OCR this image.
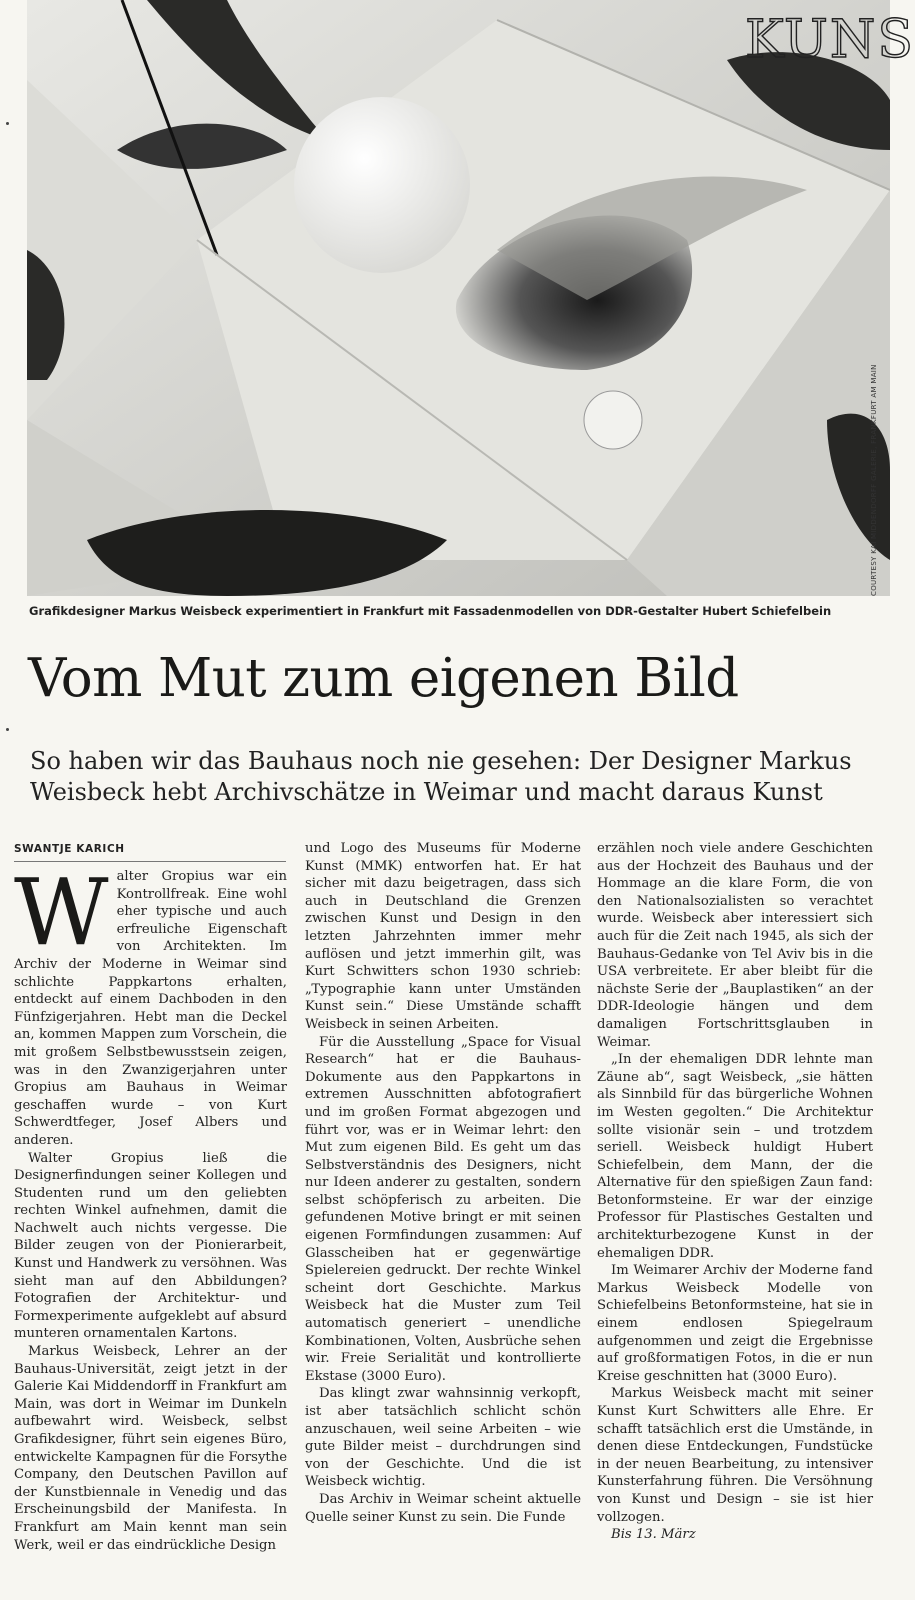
KUNS
COURTESY KAI MIDDENDORFF GALERIE, FRANKFURT AM MAIN
Grafikdesigner Markus Weisbeck experimentiert in Frankfurt mit Fassadenmodellen von DDR-Gestalter Hubert Schiefelbein
Vom Mut zum eigenen Bild
So haben wir das Bauhaus noch nie gesehen: Der Designer Markus Weisbeck hebt Archivschätze in Weimar und macht daraus Kunst
SWANTJE KARICH

Walter Gropius war ein Kontrollfreak. Eine wohl eher typische und auch erfreuliche Eigenschaft von Architekten. Im Archiv der Moderne in Weimar sind schlichte Pappkartons erhalten, entdeckt auf einem Dachboden in den Fünfzigerjahren. Hebt man die Deckel an, kommen Mappen zum Vorschein, die mit großem Selbstbewusstsein zeigen, was in den Zwanzigerjahren unter Gropius am Bauhaus in Weimar geschaffen wurde – von Kurt Schwerdtfeger, Josef Albers und anderen.

Walter Gropius ließ die Designerfindungen seiner Kollegen und Studenten rund um den geliebten rechten Winkel aufnehmen, damit die Nachwelt auch nichts vergesse. Die Bilder zeugen von der Pionierarbeit, Kunst und Handwerk zu versöhnen. Was sieht man auf den Abbildungen? Fotografien der Architektur- und Formexperimente aufgeklebt auf absurd munteren ornamentalen Kartons.

Markus Weisbeck, Lehrer an der Bauhaus-Universität, zeigt jetzt in der Galerie Kai Middendorff in Frankfurt am Main, was dort in Weimar im Dunkeln aufbewahrt wird. Weisbeck, selbst Grafikdesigner, führt sein eigenes Büro, entwickelte Kampagnen für die Forsythe Company, den Deutschen Pavillon auf der Kunstbiennale in Venedig und das Erscheinungsbild der Manifesta. In Frankfurt am Main kennt man sein Werk, weil er das eindrückliche Design

und Logo des Museums für Moderne Kunst (MMK) entworfen hat. Er hat sicher mit dazu beigetragen, dass sich auch in Deutschland die Grenzen zwischen Kunst und Design in den letzten Jahrzehnten immer mehr auflösen und jetzt immerhin gilt, was Kurt Schwitters schon 1930 schrieb: „Typographie kann unter Umständen Kunst sein.“ Diese Umstände schafft Weisbeck in seinen Arbeiten.

Für die Ausstellung „Space for Visual Research“ hat er die Bauhaus-Dokumente aus den Pappkartons in extremen Ausschnitten abfotografiert und im großen Format abgezogen und führt vor, was er in Weimar lehrt: den Mut zum eigenen Bild. Es geht um das Selbstverständnis des Designers, nicht nur Ideen anderer zu gestalten, sondern selbst schöpferisch zu arbeiten. Die gefundenen Motive bringt er mit seinen eigenen Formfindungen zusammen: Auf Glasscheiben hat er gegenwärtige Spielereien gedruckt. Der rechte Winkel scheint dort Geschichte. Markus Weisbeck hat die Muster zum Teil automatisch generiert – unendliche Kombinationen, Volten, Ausbrüche sehen wir. Freie Serialität und kontrollierte Ekstase (3000 Euro).

Das klingt zwar wahnsinnig verkopft, ist aber tatsächlich schlicht schön anzuschauen, weil seine Arbeiten – wie gute Bilder meist – durchdrungen sind von der Geschichte. Und die ist Weisbeck wichtig.

Das Archiv in Weimar scheint aktuelle Quelle seiner Kunst zu sein. Die Funde

erzählen noch viele andere Geschichten aus der Hochzeit des Bauhaus und der Hommage an die klare Form, die von den Nationalsozialisten so verachtet wurde. Weisbeck aber interessiert sich auch für die Zeit nach 1945, als sich der Bauhaus-Gedanke von Tel Aviv bis in die USA verbreitete. Er aber bleibt für die nächste Serie der „Bauplastiken“ an der DDR-Ideologie hängen und dem damaligen Fortschrittsglauben in Weimar.

„In der ehemaligen DDR lehnte man Zäune ab“, sagt Weisbeck, „sie hätten als Sinnbild für das bürgerliche Wohnen im Westen gegolten.“ Die Architektur sollte visionär sein – und trotzdem seriell. Weisbeck huldigt Hubert Schiefelbein, dem Mann, der die Alternative für den spießigen Zaun fand: Betonformsteine. Er war der einzige Professor für Plastisches Gestalten und architekturbezogene Kunst in der ehemaligen DDR.

Im Weimarer Archiv der Moderne fand Markus Weisbeck Modelle von Schiefelbeins Betonformsteine, hat sie in einem endlosen Spiegelraum aufgenommen und zeigt die Ergebnisse auf großformatigen Fotos, in die er nun Kreise geschnitten hat (3000 Euro).

Markus Weisbeck macht mit seiner Kunst Kurt Schwitters alle Ehre. Er schafft tatsächlich erst die Umstände, in denen diese Entdeckungen, Fundstücke in der neuen Bearbeitung, zu intensiver Kunsterfahrung führen. Die Versöhnung von Kunst und Design – sie ist hier vollzogen.

Bis 13. März
